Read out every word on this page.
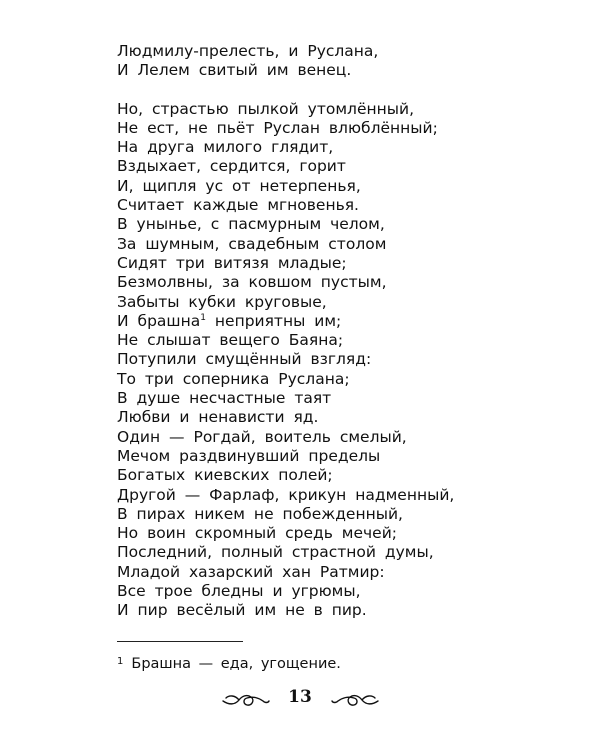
Людмилу-прелесть, и Руслана,
И Лелем свитый им венец.
Но, страстью пылкой утомлённый,
Не ест, не пьёт Руслан влюблённый;
На друга милого глядит,
Вздыхает, сердится, горит
И, щипля ус от нетерпенья,
Считает каждые мгновенья.
В унынье, с пасмурным челом,
За шумным, свадебным столом
Сидят три витязя младые;
Безмолвны, за ковшом пустым,
Забыты кубки круговые,
И брашна$^1$ неприятны им;
Не слышат вещего Баяна;
Потупили смущённый взгляд:
То три соперника Руслана;
В душе несчастные таят
Любви и ненависти яд.
Один — Рогдай, воитель смелый,
Мечом раздвинувший пределы
Богатых киевских полей;
Другой — Фарлаф, крикун надменный,
В пирах никем не побежденный,
Но воин скромный средь мечей;
Последний, полный страстной думы,
Младой хазарский хан Ратмир:
Все трое бледны и угрюмы,
И пир весёлый им не в пир.
$^1$ Брашна — еда, угощение.
13
